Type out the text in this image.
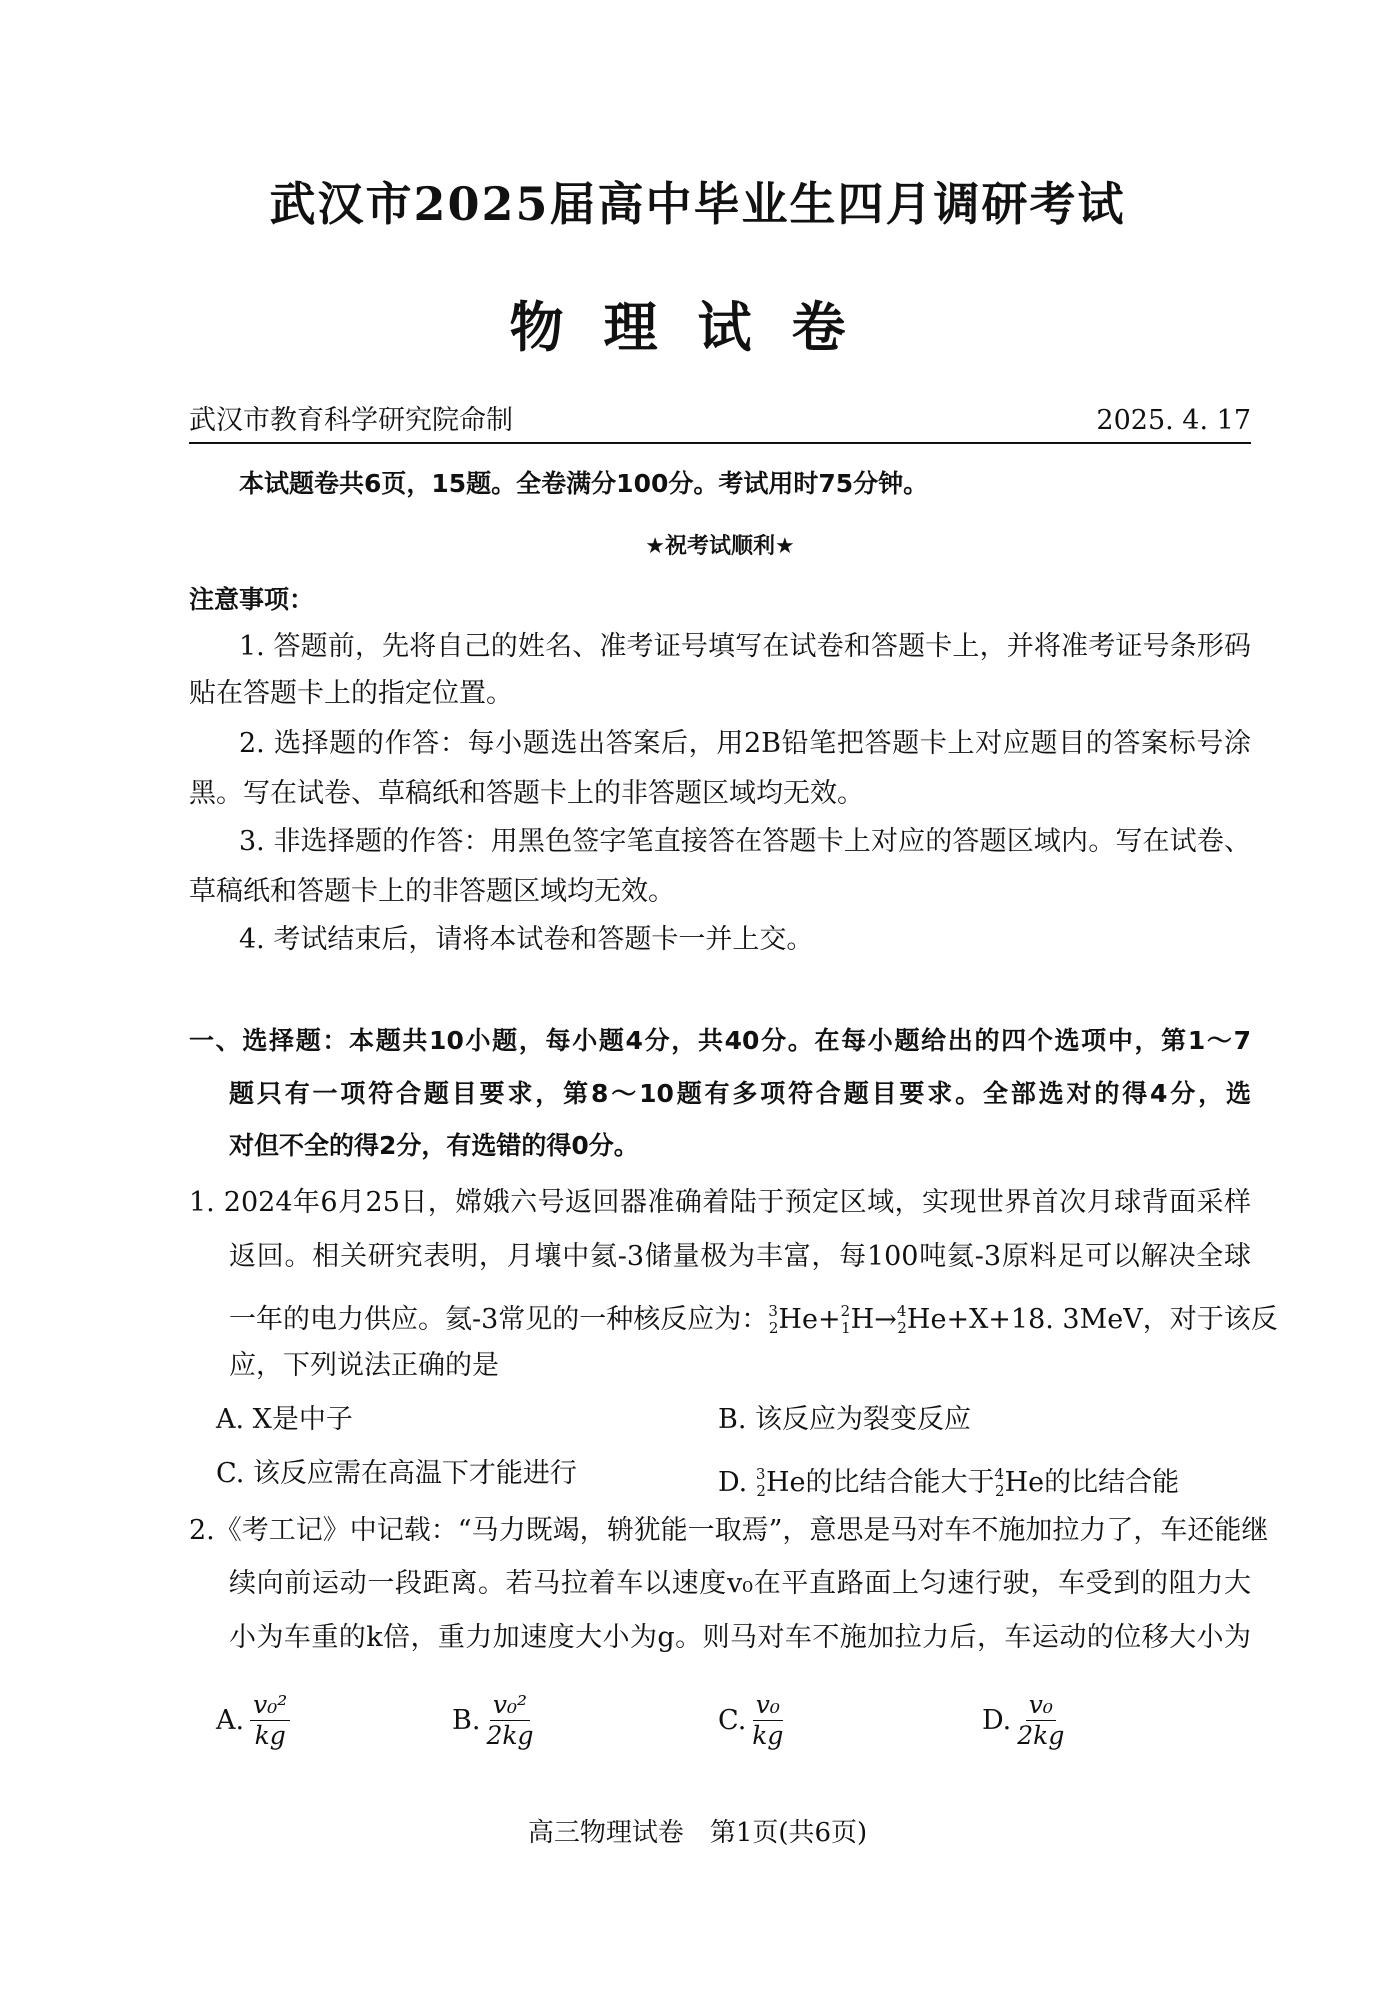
武汉市2025届高中毕业生四月调研考试
物理试卷
武汉市教育科学研究院命制	2025. 4. 17
本试题卷共6页，15题。全卷满分100分。考试用时75分钟。
★祝考试顺利★
注意事项：
1. 答题前，先将自己的姓名、准考证号填写在试卷和答题卡上，并将准考证号条形码
贴在答题卡上的指定位置。
2. 选择题的作答：每小题选出答案后，用2B铅笔把答题卡上对应题目的答案标号涂
黑。写在试卷、草稿纸和答题卡上的非答题区域均无效。
3. 非选择题的作答：用黑色签字笔直接答在答题卡上对应的答题区域内。写在试卷、
草稿纸和答题卡上的非答题区域均无效。
4. 考试结束后，请将本试卷和答题卡一并上交。
一、选择题：本题共10小题，每小题4分，共40分。在每小题给出的四个选项中，第1～7
题只有一项符合题目要求，第8～10题有多项符合题目要求。全部选对的得4分，选
对但不全的得2分，有选错的得0分。
1. 2024年6月25日，嫦娥六号返回器准确着陆于预定区域，实现世界首次月球背面采样
返回。相关研究表明，月壤中氦-3储量极为丰富，每100吨氦-3原料足可以解决全球
一年的电力供应。氦-3常见的一种核反应为：$^3_2$He+$^2_1$H→$^4_2$He+X+18. 3MeV，对于该反
应，下列说法正确的是
A. X是中子	B. 该反应为裂变反应
C. 该反应需在高温下才能进行	D. $^3_2$He的比结合能大于$^4_2$He的比结合能
2.《考工记》中记载：“马力既竭，辀犹能一取焉”，意思是马对车不施加拉力了，车还能继
续向前运动一段距离。若马拉着车以速度v₀在平直路面上匀速行驶，车受到的阻力大
小为车重的k倍，重力加速度大小为g。则马对车不施加拉力后，车运动的位移大小为
A. $\frac{\text{v₀²}}{kg}$	B. $\frac{\text{v₀²}}{2kg}$	C. $\frac{\text{v₀}}{kg}$	D. $\frac{\text{v₀}}{2kg}$
高三物理试卷　第1页(共6页)
